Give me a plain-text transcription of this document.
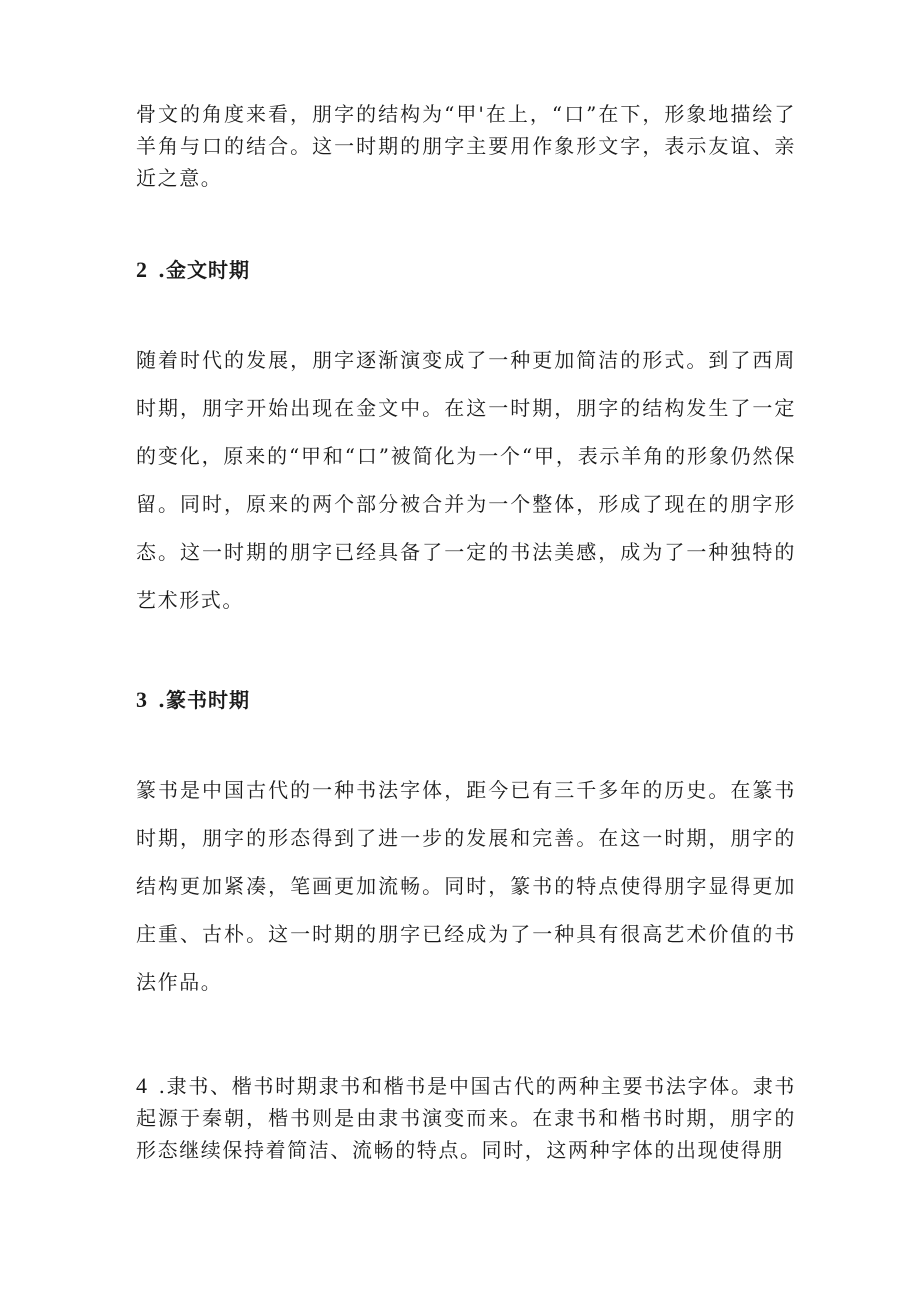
骨文的角度来看，朋字的结构为“甲'在上，“口”在下，形象地描绘了羊角与口的结合。这一时期的朋字主要用作象形文字，表示友谊、亲近之意。

2 .金文时期

随着时代的发展，朋字逐渐演变成了一种更加简洁的形式。到了西周时期，朋字开始出现在金文中。在这一时期，朋字的结构发生了一定的变化，原来的“甲和“口”被简化为一个“甲，表示羊角的形象仍然保留。同时，原来的两个部分被合并为一个整体，形成了现在的朋字形态。这一时期的朋字已经具备了一定的书法美感，成为了一种独特的艺术形式。

3 .篆书时期

篆书是中国古代的一种书法字体，距今已有三千多年的历史。在篆书时期，朋字的形态得到了进一步的发展和完善。在这一时期，朋字的结构更加紧凑，笔画更加流畅。同时，篆书的特点使得朋字显得更加庄重、古朴。这一时期的朋字已经成为了一种具有很高艺术价值的书法作品。

4 .隶书、楷书时期隶书和楷书是中国古代的两种主要书法字体。隶书起源于秦朝，楷书则是由隶书演变而来。在隶书和楷书时期，朋字的形态继续保持着简洁、流畅的特点。同时，这两种字体的出现使得朋
